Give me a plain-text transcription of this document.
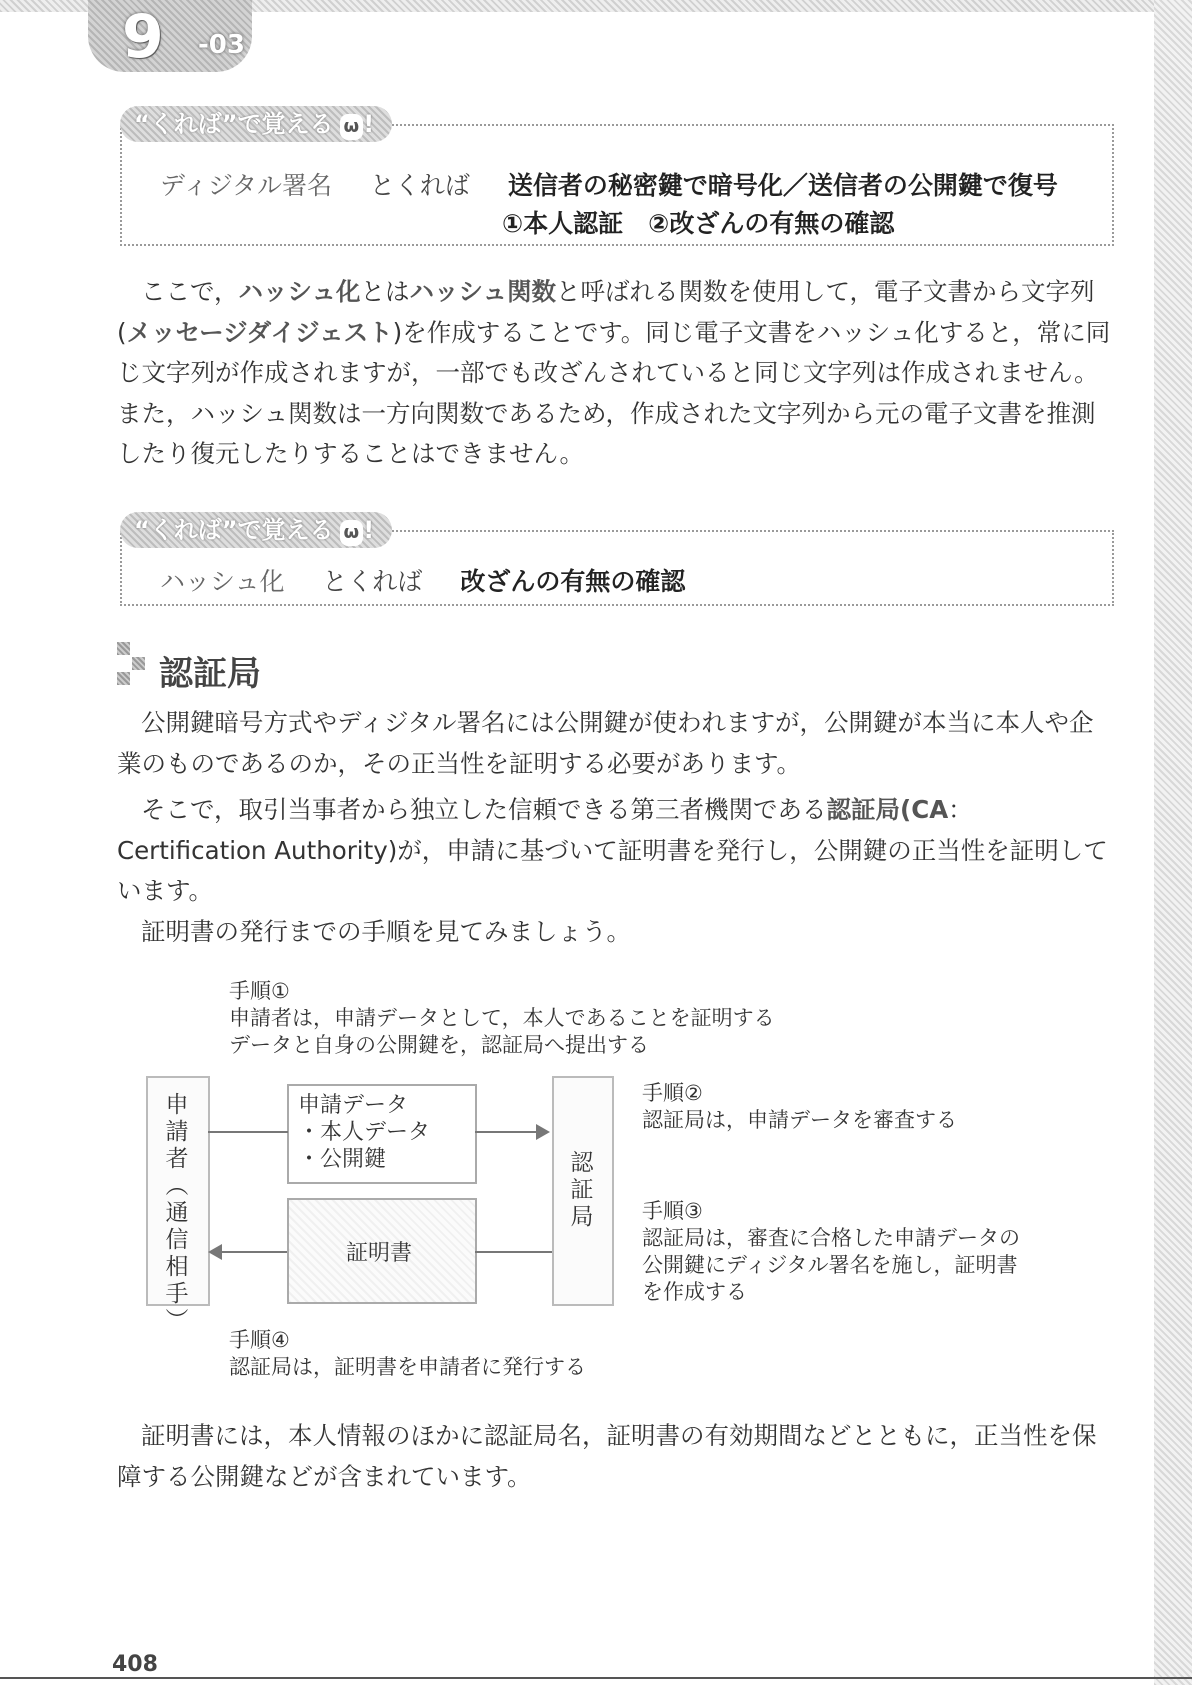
9 -03
“くれば”で覚える ω !
ディジタル署名 とくれば 送信者の秘密鍵で暗号化／送信者の公開鍵で復号
①本人認証　②改ざんの有無の確認

ここで，ハッシュ化とはハッシュ関数と呼ばれる関数を使用して，電子文書から文字列(メッセージダイジェスト)を作成することです。同じ電子文書をハッシュ化すると，常に同じ文字列が作成されますが，一部でも改ざんされていると同じ文字列は作成されません。また，ハッシュ関数は一方向関数であるため，作成された文字列から元の電子文書を推測したり復元したりすることはできません。

“くれば”で覚える ω !
ハッシュ化 とくれば 改ざんの有無の確認
認証局

公開鍵暗号方式やディジタル署名には公開鍵が使われますが，公開鍵が本当に本人や企業のものであるのか，その正当性を証明する必要があります。

そこで，取引当事者から独立した信頼できる第三者機関である認証局(CA：Certification Authority)が，申請に基づいて証明書を発行し，公開鍵の正当性を証明しています。

証明書の発行までの手順を見てみましょう。

手順①
申請者は，申請データとして，本人であることを証明する
データと自身の公開鍵を，認証局へ提出する
申
請
者
︵
通
信
相
手
︶
認
証
局
申請データ
・本人データ
・公開鍵
証明書
手順②
認証局は，申請データを審査する
手順③
認証局は，審査に合格した申請データの
公開鍵にディジタル署名を施し，証明書
を作成する
手順④
認証局は，証明書を申請者に発行する

証明書には，本人情報のほかに認証局名，証明書の有効期間などとともに，正当性を保障する公開鍵などが含まれています。

408
